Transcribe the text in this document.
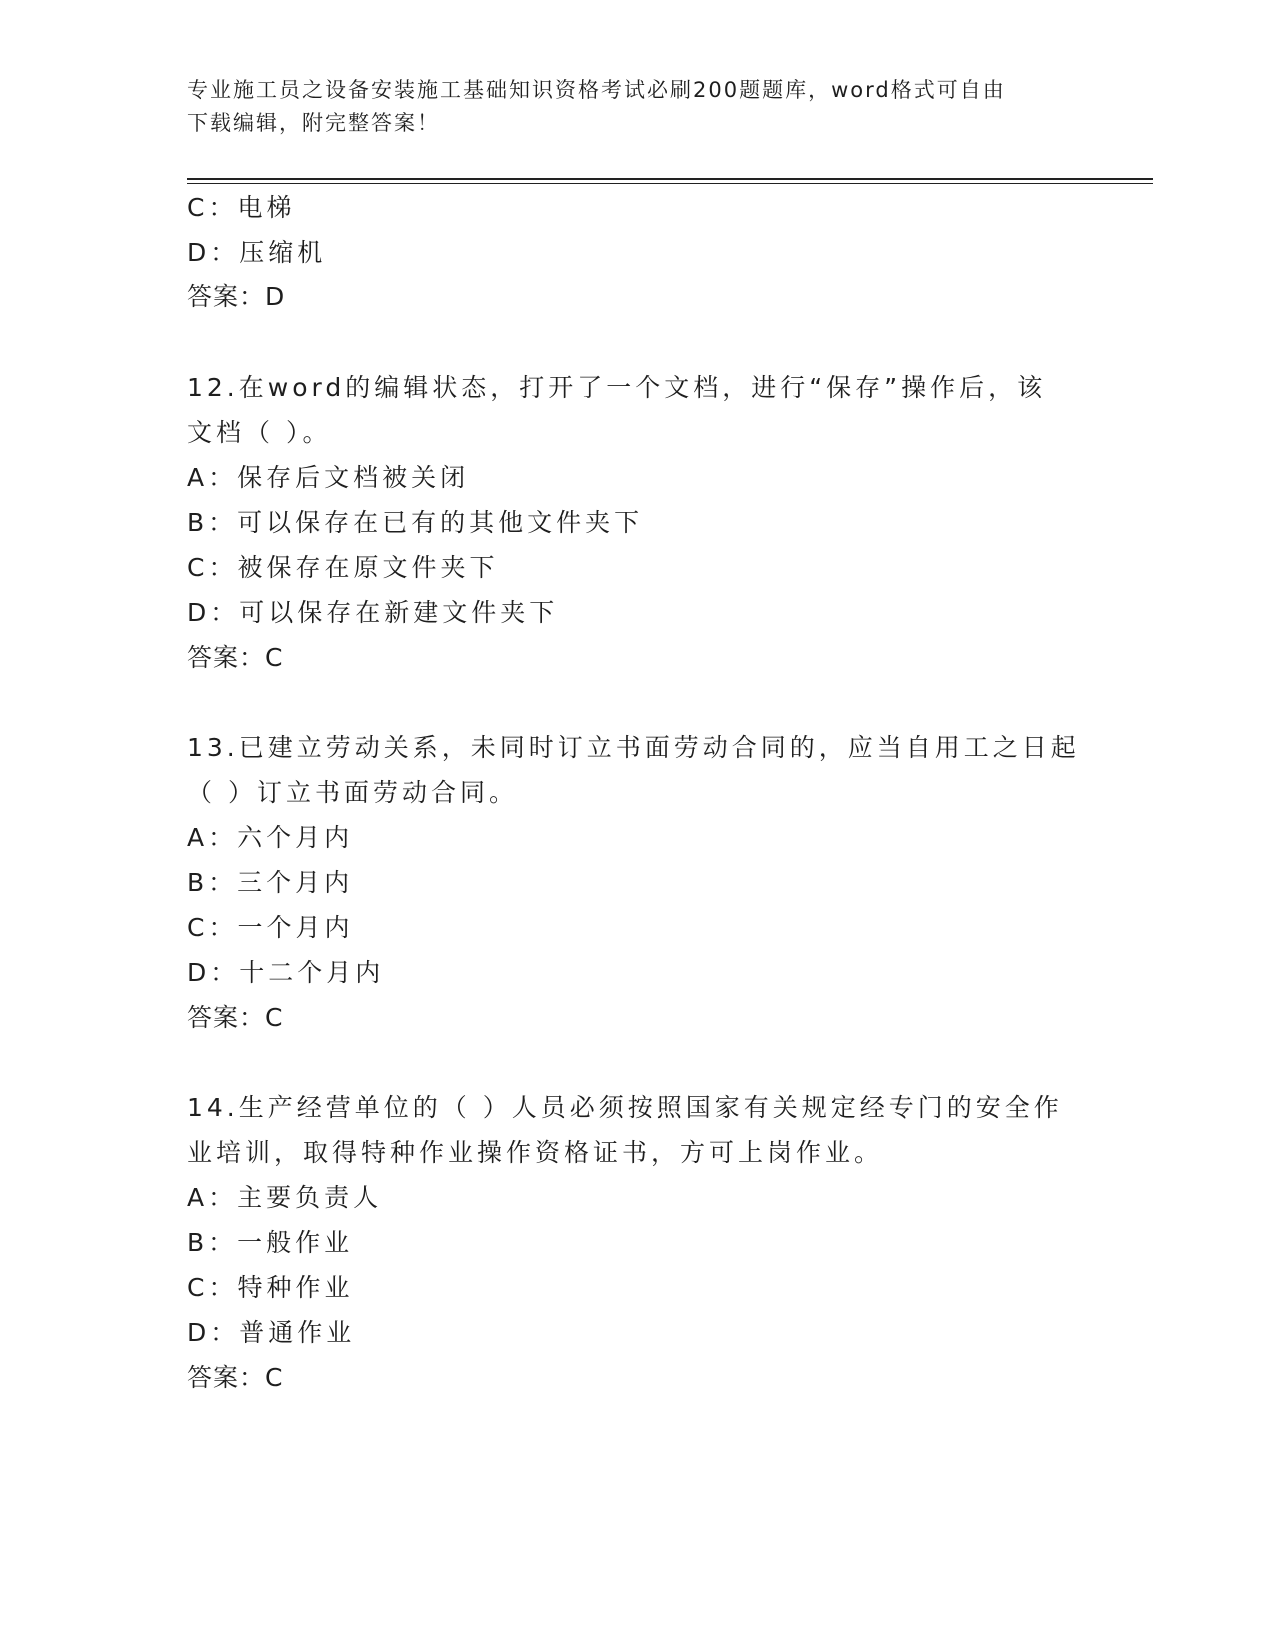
专业施工员之设备安装施工基础知识资格考试必刷200题题库，word格式可自由
下载编辑，附完整答案！
C：电梯
D：压缩机
答案：D
12.在word的编辑状态，打开了一个文档，进行“保存”操作后，该
文档（ ）。
A：保存后文档被关闭
B：可以保存在已有的其他文件夹下
C：被保存在原文件夹下
D：可以保存在新建文件夹下
答案：C
13.已建立劳动关系，未同时订立书面劳动合同的，应当自用工之日起
（ ）订立书面劳动合同。
A：六个月内
B：三个月内
C：一个月内
D：十二个月内
答案：C
14.生产经营单位的（ ）人员必须按照国家有关规定经专门的安全作
业培训，取得特种作业操作资格证书，方可上岗作业。
A：主要负责人
B：一般作业
C：特种作业
D：普通作业
答案：C
